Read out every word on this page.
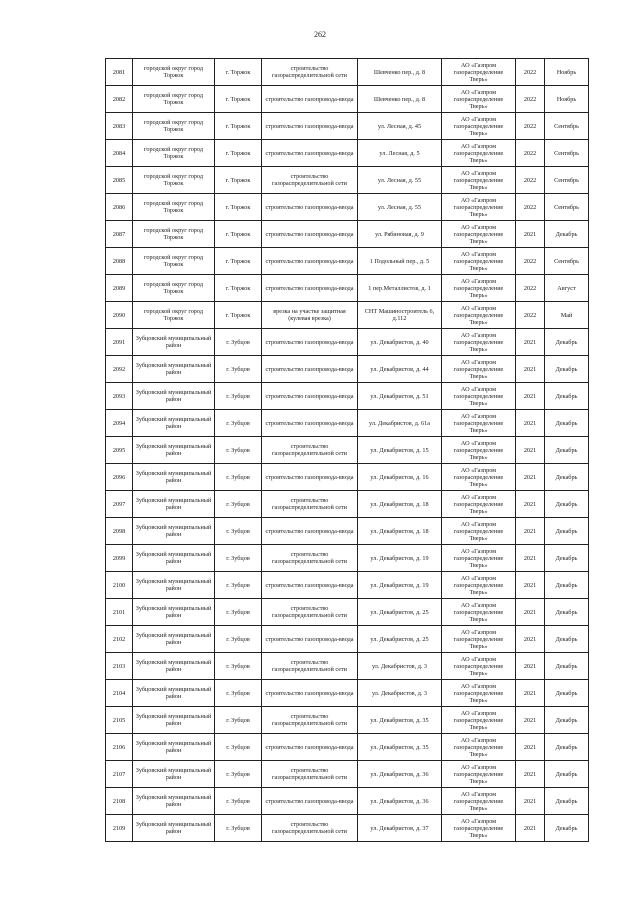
262
2081	городской округ город Торжок	г. Торжок	строительство газораспределительной сети	Шевченко пер., д. 8	АО «Газпром газораспределение Тверь»	2022	Ноябрь
2082	городской округ город Торжок	г. Торжок	строительство газопровода-ввода	Шевченко пер., д. 8	АО «Газпром газораспределение Тверь»	2022	Ноябрь
2083	городской округ город Торжок	г. Торжок	строительство газопровода-ввода	ул. Лесная, д. 45	АО «Газпром газораспределение Тверь»	2022	Сентябрь
2084	городской округ город Торжок	г. Торжок	строительство газопровода-ввода	ул. Лесная, д. 5	АО «Газпром газораспределение Тверь»	2022	Сентябрь
2085	городской округ город Торжок	г. Торжок	строительство газораспределительной сети	ул. Лесная, д. 55	АО «Газпром газораспределение Тверь»	2022	Сентябрь
2086	городской округ город Торжок	г. Торжок	строительство газопровода-ввода	ул. Лесная, д. 55	АО «Газпром газораспределение Тверь»	2022	Сентябрь
2087	городской округ город Торжок	г. Торжок	строительство газопровода-ввода	ул. Рябиновая, д. 9	АО «Газпром газораспределение Тверь»	2021	Декабрь
2088	городской округ город Торжок	г. Торжок	строительство газопровода-ввода	1 Подольный пер., д. 5	АО «Газпром газораспределение Тверь»	2022	Сентябрь
2089	городской округ город Торжок	г. Торжок	строительство газопровода-ввода	1 пер.Металлистов, д. 1	АО «Газпром газораспределение Тверь»	2022	Август
2090	городской округ город Торжок	г. Торжок	врезка на участке защитная (кулевая врезка)	СНТ Машиностроитель 6, д.112	АО «Газпром газораспределение Тверь»	2022	Май
2091	Зубцовский муниципальный район	г. Зубцов	строительство газопровода-ввода	ул. Декабристов, д. 40	АО «Газпром газораспределение Тверь»	2021	Декабрь
2092	Зубцовский муниципальный район	г. Зубцов	строительство газопровода-ввода	ул. Декабристов, д. 44	АО «Газпром газораспределение Тверь»	2021	Декабрь
2093	Зубцовский муниципальный район	г. Зубцов	строительство газопровода-ввода	ул. Декабристов, д. 51	АО «Газпром газораспределение Тверь»	2021	Декабрь
2094	Зубцовский муниципальный район	г. Зубцов	строительство газопровода-ввода	ул. Декабристов, д. 61а	АО «Газпром газораспределение Тверь»	2021	Декабрь
2095	Зубцовский муниципальный район	г. Зубцов	строительство газораспределительной сети	ул. Декабристов, д. 15	АО «Газпром газораспределение Тверь»	2021	Декабрь
2096	Зубцовский муниципальный район	г. Зубцов	строительство газопровода-ввода	ул. Декабристов, д. 16	АО «Газпром газораспределение Тверь»	2021	Декабрь
2097	Зубцовский муниципальный район	г. Зубцов	строительство газораспределительной сети	ул. Декабристов, д. 18	АО «Газпром газораспределение Тверь»	2021	Декабрь
2098	Зубцовский муниципальный район	г. Зубцов	строительство газопровода-ввода	ул. Декабристов, д. 18	АО «Газпром газораспределение Тверь»	2021	Декабрь
2099	Зубцовский муниципальный район	г. Зубцов	строительство газораспределительной сети	ул. Декабристов, д. 19	АО «Газпром газораспределение Тверь»	2021	Декабрь
2100	Зубцовский муниципальный район	г. Зубцов	строительство газопровода-ввода	ул. Декабристов, д. 19	АО «Газпром газораспределение Тверь»	2021	Декабрь
2101	Зубцовский муниципальный район	г. Зубцов	строительство газораспределительной сети	ул. Декабристов, д. 25	АО «Газпром газораспределение Тверь»	2021	Декабрь
2102	Зубцовский муниципальный район	г. Зубцов	строительство газопровода-ввода	ул. Декабристов, д. 25	АО «Газпром газораспределение Тверь»	2021	Декабрь
2103	Зубцовский муниципальный район	г. Зубцов	строительство газораспределительной сети	ул. Декабристов, д. 3	АО «Газпром газораспределение Тверь»	2021	Декабрь
2104	Зубцовский муниципальный район	г. Зубцов	строительство газопровода-ввода	ул. Декабристов, д. 3	АО «Газпром газораспределение Тверь»	2021	Декабрь
2105	Зубцовский муниципальный район	г. Зубцов	строительство газораспределительной сети	ул. Декабристов, д. 35	АО «Газпром газораспределение Тверь»	2021	Декабрь
2106	Зубцовский муниципальный район	г. Зубцов	строительство газопровода-ввода	ул. Декабристов, д. 35	АО «Газпром газораспределение Тверь»	2021	Декабрь
2107	Зубцовский муниципальный район	г. Зубцов	строительство газораспределительной сети	ул. Декабристов, д. 36	АО «Газпром газораспределение Тверь»	2021	Декабрь
2108	Зубцовский муниципальный район	г. Зубцов	строительство газопровода-ввода	ул. Декабристов, д. 36	АО «Газпром газораспределение Тверь»	2021	Декабрь
2109	Зубцовский муниципальный район	г. Зубцов	строительство газораспределительной сети	ул. Декабристов, д. 37	АО «Газпром газораспределение Тверь»	2021	Декабрь
